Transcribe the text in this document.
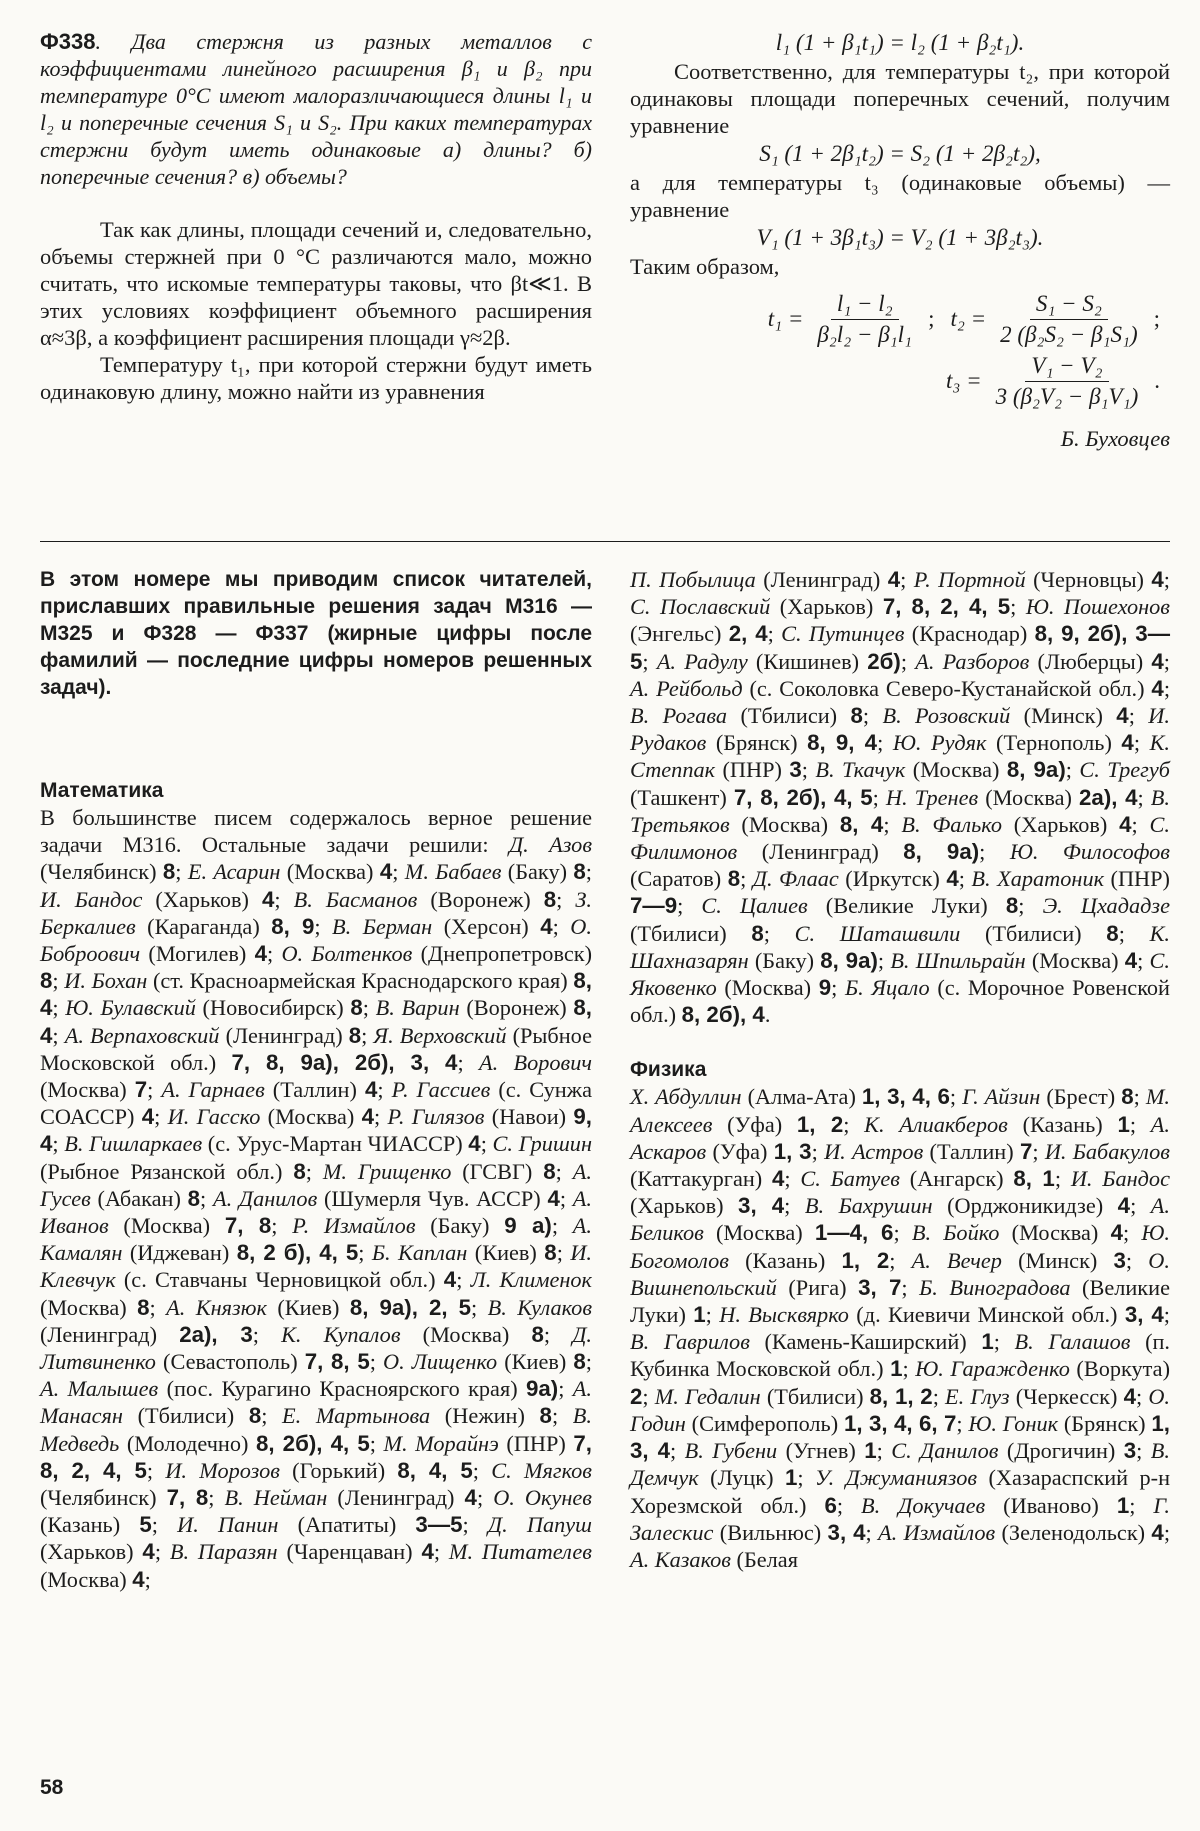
Ф338. Два стержня из разных металлов с коэффициентами линейного расширения β₁ и β₂ при температуре 0°С имеют малоразличающиеся длины l₁ и l₂ и поперечные сечения S₁ и S₂. При каких температурах стержни будут иметь одинаковые а) длины? б) поперечные сечения? в) объемы?

Так как длины, площади сечений и, следовательно, объемы стержней при 0 °С различаются мало, можно считать, что искомые температуры таковы, что βt≪1. В этих условиях коэффициент объемного расширения α≈3β, а коэффициент расширения площади γ≈2β.

Температуру t₁, при которой стержни будут иметь одинаковую длину, можно найти из уравнения

l₁ (1 + β₁t₁) = l₂ (1 + β₂t₁).

Соответственно, для температуры t₂, при которой одинаковы площади поперечных сечений, получим уравнение

S₁ (1 + 2β₁t₂) = S₂ (1 + 2β₂t₂),

а для температуры t₃ (одинаковые объемы) — уравнение

V₁ (1 + 3β₁t₃) = V₂ (1 + 3β₂t₃).

Таким образом,

$t_1 = \frac{\text{l₁ − l₂}}{\text{β₂l₂ − β₁l₁}}$ ; $t_2 = \frac{\text{S₁ − S₂}}{\text{2 (β₂S₂ − β₁S₁)}}$ ;
$t_3 = \frac{\text{V₁ − V₂}}{\text{3 (β₂V₂ − β₁V₁)}}$ .
Б. Буховцев

В этом номере мы приводим список читателей, приславших правильные решения задач М316 — М325 и Ф328 — Ф337 (жирные цифры после фамилий — последние цифры номеров решенных задач).

Математика

В большинстве писем содержалось верное решение задачи М316. Остальные задачи решили: Д. Азов (Челябинск) 8; Е. Асарин (Москва) 4; М. Бабаев (Баку) 8; И. Бандос (Харьков) 4; В. Басманов (Воронеж) 8; З. Беркалиев (Караганда) 8, 9; В. Берман (Херсон) 4; О. Боброович (Могилев) 4; О. Болтенков (Днепропетровск) 8; И. Бохан (ст. Красноармейская Краснодарского края) 8, 4; Ю. Булавский (Новосибирск) 8; В. Варин (Воронеж) 8, 4; А. Верпаховский (Ленинград) 8; Я. Верховский (Рыбное Московской обл.) 7, 8, 9а), 2б), 3, 4; А. Ворович (Москва) 7; А. Гарнаев (Таллин) 4; Р. Гассиев (с. Сунжа СОАССР) 4; И. Гасско (Москва) 4; Р. Гилязов (Навои) 9, 4; В. Гишларкаев (с. Урус-Мартан ЧИАССР) 4; С. Гришин (Рыбное Рязанской обл.) 8; М. Грищенко (ГСВГ) 8; А. Гусев (Абакан) 8; А. Данилов (Шумерля Чув. АССР) 4; А. Иванов (Москва) 7, 8; Р. Измайлов (Баку) 9 а); А. Камалян (Иджеван) 8, 2 б), 4, 5; Б. Каплан (Киев) 8; И. Клевчук (с. Ставчаны Черновицкой обл.) 4; Л. Клименок (Москва) 8; А. Князюк (Киев) 8, 9а), 2, 5; В. Кулаков (Ленинград) 2а), 3; К. Купалов (Москва) 8; Д. Литвиненко (Севастополь) 7, 8, 5; О. Лищенко (Киев) 8; А. Малышев (пос. Курагино Красноярского края) 9а); А. Манасян (Тбилиси) 8; Е. Мартынова (Нежин) 8; В. Медведь (Молодечно) 8, 2б), 4, 5; М. Морайнэ (ПНР) 7, 8, 2, 4, 5; И. Морозов (Горький) 8, 4, 5; С. Мягков (Челябинск) 7, 8; В. Нейман (Ленинград) 4; О. Окунев (Казань) 5; И. Панин (Апатиты) 3—5; Д. Папуш (Харьков) 4; В. Паразян (Чаренцаван) 4; М. Питателев (Москва) 4;

П. Побылица (Ленинград) 4; Р. Портной (Черновцы) 4; С. Пославский (Харьков) 7, 8, 2, 4, 5; Ю. Пошехонов (Энгельс) 2, 4; С. Путинцев (Краснодар) 8, 9, 2б), 3—5; А. Радулу (Кишинев) 2б); А. Разборов (Люберцы) 4; А. Рейбольд (с. Соколовка Северо-Кустанайской обл.) 4; В. Рогава (Тбилиси) 8; В. Розовский (Минск) 4; И. Рудаков (Брянск) 8, 9, 4; Ю. Рудяк (Тернополь) 4; К. Степпак (ПНР) 3; В. Ткачук (Москва) 8, 9а); С. Трегуб (Ташкент) 7, 8, 2б), 4, 5; Н. Тренев (Москва) 2а), 4; В. Третьяков (Москва) 8, 4; В. Фалько (Харьков) 4; С. Филимонов (Ленинград) 8, 9а); Ю. Философов (Саратов) 8; Д. Флаас (Иркутск) 4; В. Харатоник (ПНР) 7—9; С. Цалиев (Великие Луки) 8; Э. Цхададзе (Тбилиси) 8; С. Шаташвили (Тбилиси) 8; К. Шахназарян (Баку) 8, 9а); В. Шпильрайн (Москва) 4; С. Яковенко (Москва) 9; Б. Яцало (с. Морочное Ровенской обл.) 8, 2б), 4.

Физика

Х. Абдуллин (Алма-Ата) 1, 3, 4, 6; Г. Айзин (Брест) 8; М. Алексеев (Уфа) 1, 2; К. Алиакберов (Казань) 1; А. Аскаров (Уфа) 1, 3; И. Астров (Таллин) 7; И. Бабакулов (Каттакурган) 4; С. Батуев (Ангарск) 8, 1; И. Бандос (Харьков) 3, 4; В. Бахрушин (Орджоникидзе) 4; А. Беликов (Москва) 1—4, 6; В. Бойко (Москва) 4; Ю. Богомолов (Казань) 1, 2; А. Вечер (Минск) 3; О. Вишнепольский (Рига) 3, 7; Б. Виноградова (Великие Луки) 1; Н. Высквярко (д. Киевичи Минской обл.) 3, 4; В. Гаврилов (Камень-Каширский) 1; В. Галашов (п. Кубинка Московской обл.) 1; Ю. Гаражденко (Воркута) 2; М. Гедалин (Тбилиси) 8, 1, 2; Е. Глуз (Черкесск) 4; О. Годин (Симферополь) 1, 3, 4, 6, 7; Ю. Гоник (Брянск) 1, 3, 4; В. Губени (Угнев) 1; С. Данилов (Дрогичин) 3; В. Демчук (Луцк) 1; У. Джуманиязов (Хазараспский р-н Хорезмской обл.) 6; В. Докучаев (Иваново) 1; Г. Залескис (Вильнюс) 3, 4; А. Измайлов (Зеленодольск) 4; А. Казаков (Белая

58
